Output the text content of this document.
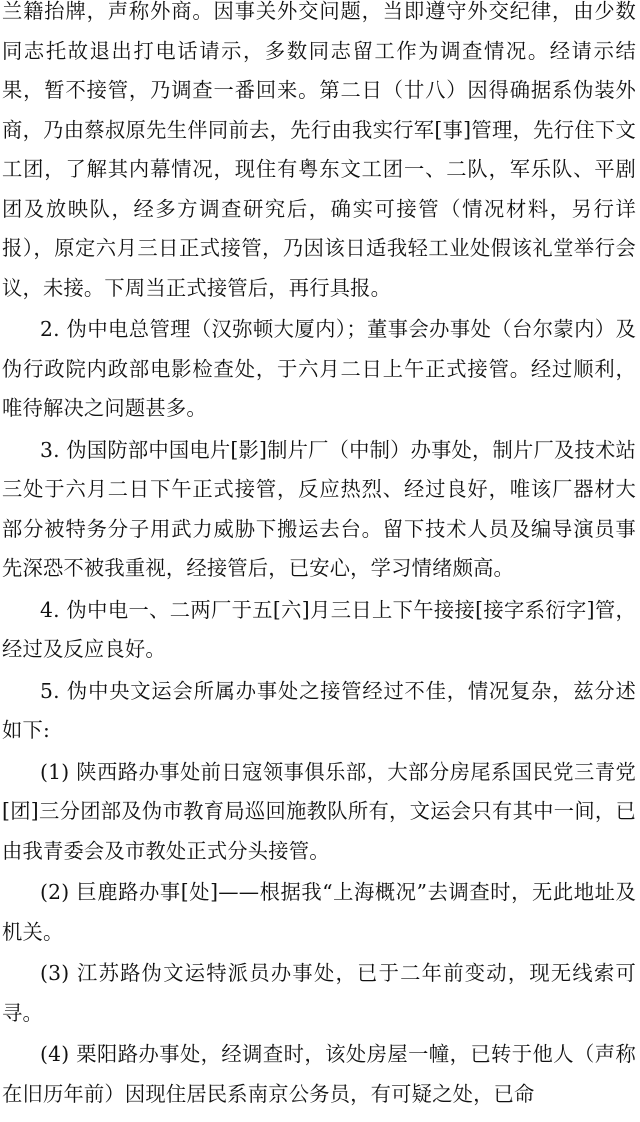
兰籍抬牌，声称外商。因事关外交问题，当即遵守外交纪律，由少数同志托故退出打电话请示，多数同志留工作为调查情况。经请示结果，暂不接管，乃调查一番回来。第二日（廿八）因得确据系伪装外商，乃由蔡叔原先生伴同前去，先行由我实行军[事]管理，先行住下文工团，了解其内幕情况，现住有粤东文工团一、二队，军乐队、平剧团及放映队，经多方调查研究后，确实可接管（情况材料，另行详报），原定六月三日正式接管，乃因该日适我轻工业处假该礼堂举行会议，未接。下周当正式接管后，再行具报。

2. 伪中电总管理（汉弥顿大厦内）；董事会办事处（台尔蒙内）及伪行政院内政部电影检查处，于六月二日上午正式接管。经过顺利，唯待解决之问题甚多。

3. 伪国防部中国电片[影]制片厂（中制）办事处，制片厂及技术站三处于六月二日下午正式接管，反应热烈、经过良好，唯该厂器材大部分被特务分子用武力威胁下搬运去台。留下技术人员及编导演员事先深恐不被我重视，经接管后，已安心，学习情绪颇高。

4. 伪中电一、二两厂于五[六]月三日上下午接接[接字系衍字]管，经过及反应良好。

5. 伪中央文运会所属办事处之接管经过不佳，情况复杂，兹分述如下:

(1) 陕西路办事处前日寇领事俱乐部，大部分房尾系国民党三青党[团]三分团部及伪市教育局巡回施教队所有，文运会只有其中一间，已由我青委会及市教处正式分头接管。

(2) 巨鹿路办事[处]——根据我“上海概况”去调查时，无此地址及机关。

(3) 江苏路伪文运特派员办事处，已于二年前变动，现无线索可寻。

(4) 栗阳路办事处，经调查时，该处房屋一幢，已转于他人（声称在旧历年前）因现住居民系南京公务员，有可疑之处，已命
